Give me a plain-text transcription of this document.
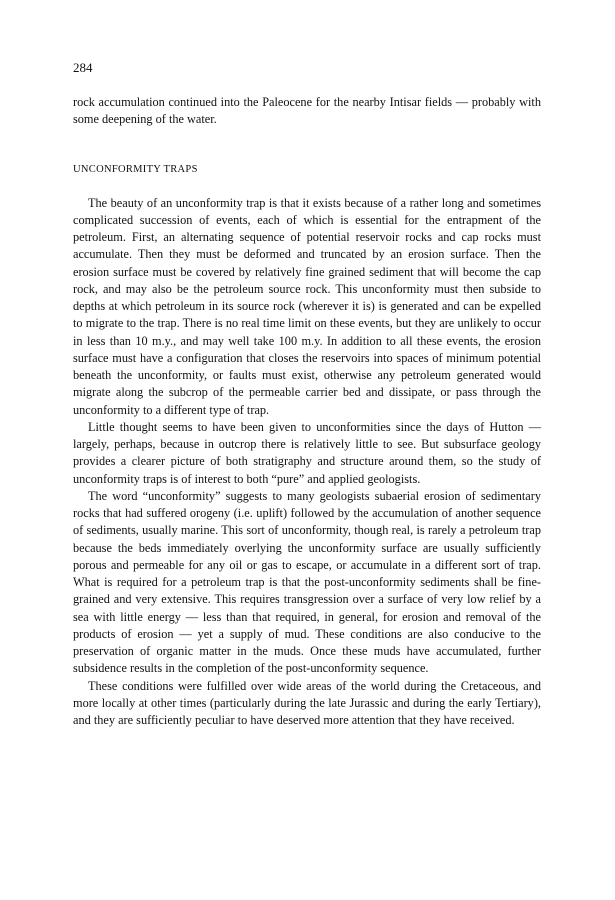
284

rock accumulation continued into the Paleocene for the nearby Intisar fields — probably with some deepening of the water.

UNCONFORMITY TRAPS

The beauty of an unconformity trap is that it exists because of a rather long and sometimes complicated succession of events, each of which is essential for the entrapment of the petroleum. First, an alternating sequence of potential reservoir rocks and cap rocks must accumulate. Then they must be deformed and truncated by an erosion surface. Then the erosion surface must be covered by relatively fine grained sediment that will become the cap rock, and may also be the petroleum source rock. This unconformity must then subside to depths at which petroleum in its source rock (wherever it is) is generated and can be expelled to migrate to the trap. There is no real time limit on these events, but they are unlikely to occur in less than 10 m.y., and may well take 100 m.y. In addition to all these events, the erosion surface must have a configuration that closes the reservoirs into spaces of minimum potential beneath the unconformity, or faults must exist, otherwise any petroleum generated would migrate along the subcrop of the permeable carrier bed and dissipate, or pass through the unconformity to a different type of trap.

Little thought seems to have been given to unconformities since the days of Hutton — largely, perhaps, because in outcrop there is relatively little to see. But subsurface geology provides a clearer picture of both stratigraphy and structure around them, so the study of unconformity traps is of interest to both “pure” and applied geologists.

The word “unconformity” suggests to many geologists subaerial erosion of sedimentary rocks that had suffered orogeny (i.e. uplift) followed by the accumulation of another sequence of sediments, usually marine. This sort of unconformity, though real, is rarely a petroleum trap because the beds immediately overlying the unconformity surface are usually sufficiently porous and permeable for any oil or gas to escape, or accumulate in a different sort of trap. What is required for a petroleum trap is that the post-unconformity sediments shall be fine-grained and very extensive. This requires transgression over a surface of very low relief by a sea with little energy — less than that required, in general, for erosion and removal of the products of erosion — yet a supply of mud. These conditions are also conducive to the preservation of organic matter in the muds. Once these muds have accumulated, further subsidence results in the completion of the post-unconformity sequence.

These conditions were fulfilled over wide areas of the world during the Cretaceous, and more locally at other times (particularly during the late Jurassic and during the early Tertiary), and they are sufficiently peculiar to have deserved more attention that they have received.
